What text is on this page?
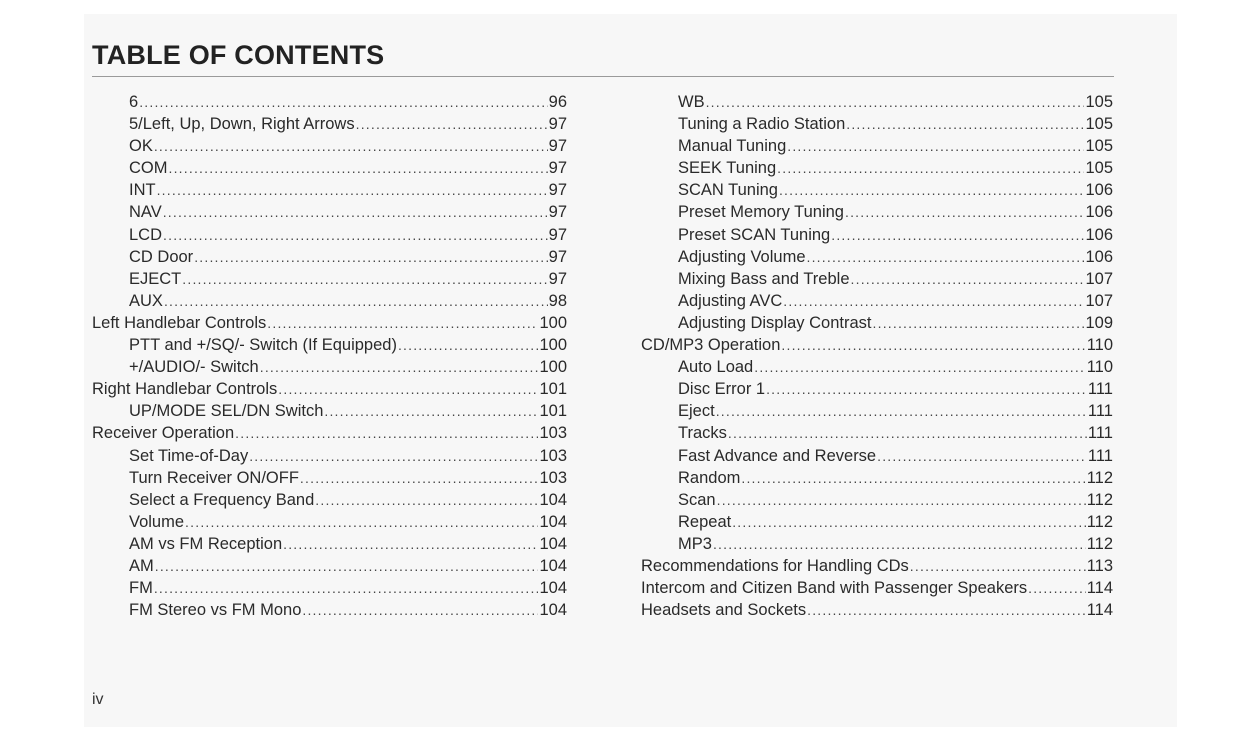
TABLE OF CONTENTS
6 .....	96
5/Left, Up, Down, Right Arrows .....	97
OK .....	97
COM .....	97
INT .....	97
NAV .....	97
LCD .....	97
CD Door .....	97
EJECT .....	97
AUX .....	98
Left Handlebar Controls .....	100
PTT and +/SQ/- Switch (If Equipped) .....	100
+/AUDIO/- Switch .....	100
Right Handlebar Controls .....	101
UP/MODE SEL/DN Switch .....	101
Receiver Operation .....	103
Set Time-of-Day .....	103
Turn Receiver ON/OFF .....	103
Select a Frequency Band .....	104
Volume .....	104
AM vs FM Reception .....	104
AM .....	104
FM .....	104
FM Stereo vs FM Mono .....	104
WB .....	105
Tuning a Radio Station .....	105
Manual Tuning .....	105
SEEK Tuning .....	105
SCAN Tuning .....	106
Preset Memory Tuning .....	106
Preset SCAN Tuning .....	106
Adjusting Volume .....	106
Mixing Bass and Treble .....	107
Adjusting AVC .....	107
Adjusting Display Contrast .....	109
CD/MP3 Operation .....	110
Auto Load .....	110
Disc Error 1 .....	111
Eject .....	111
Tracks .....	111
Fast Advance and Reverse .....	111
Random .....	112
Scan .....	112
Repeat .....	112
MP3 .....	112
Recommendations for Handling CDs .....	113
Intercom and Citizen Band with Passenger Speakers .....	114
Headsets and Sockets .....	114
iv
